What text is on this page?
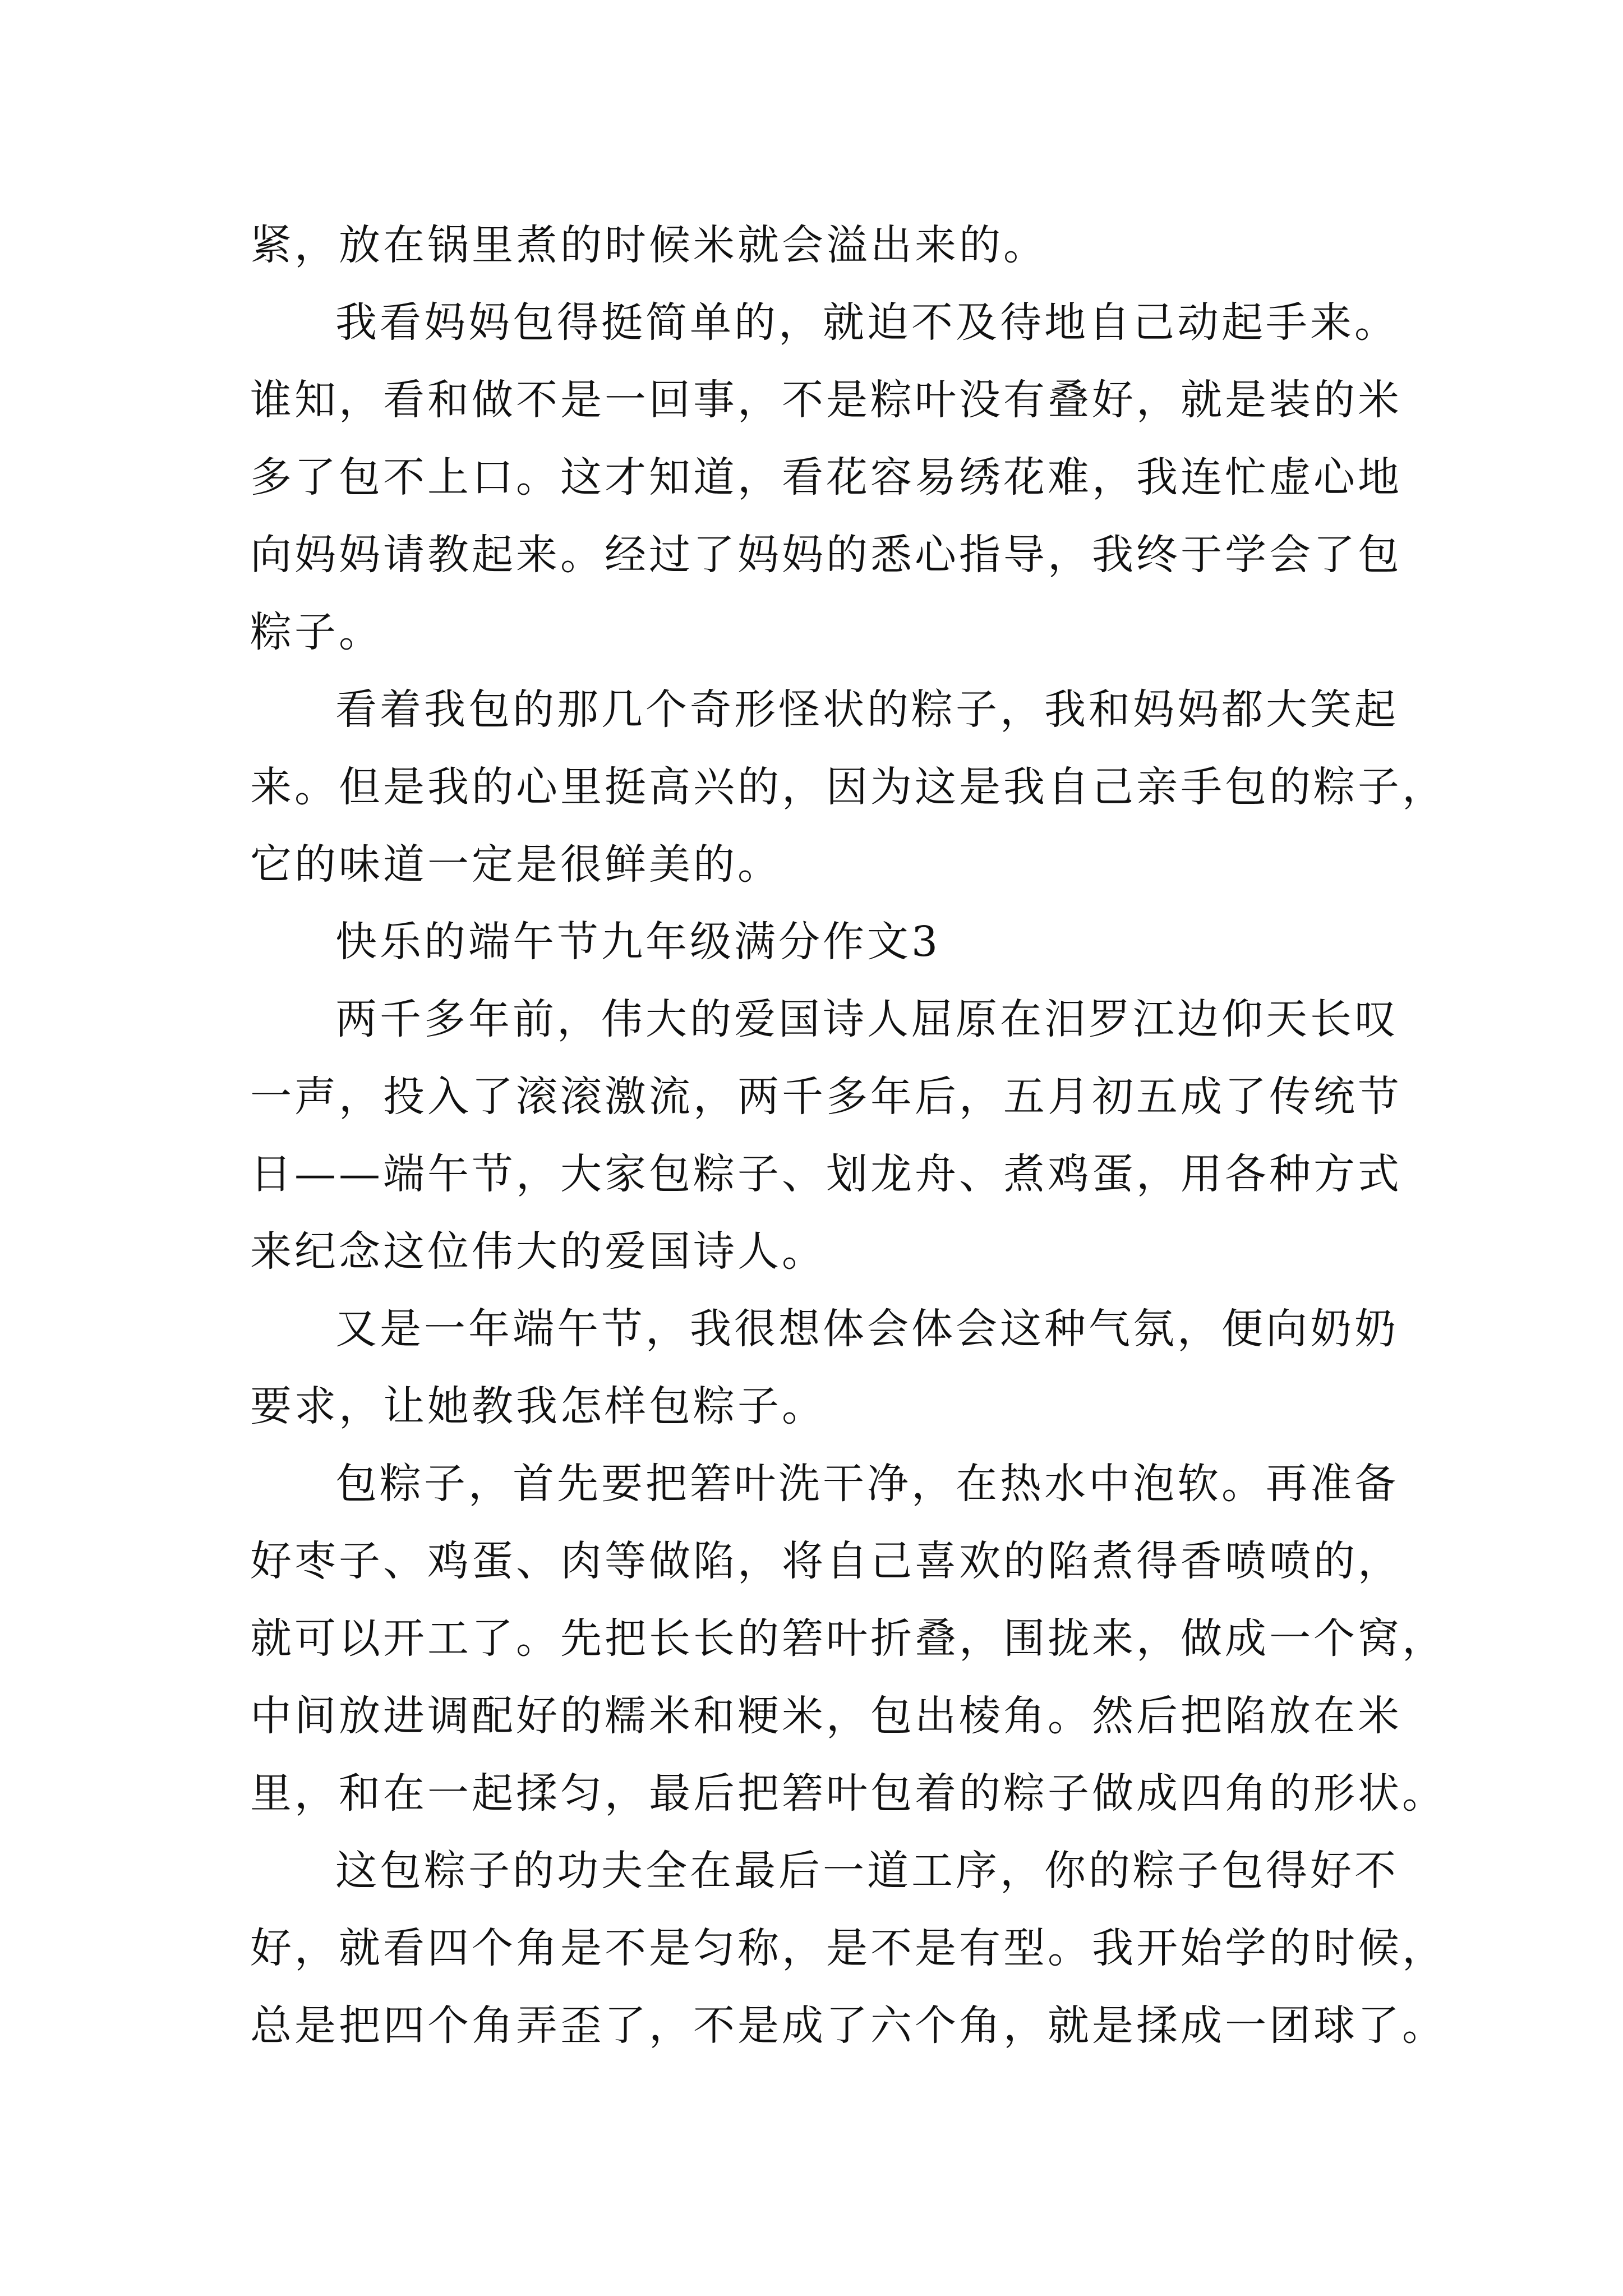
紧，放在锅里煮的时候米就会溢出来的。
我看妈妈包得挺简单的，就迫不及待地自己动起手来。
谁知，看和做不是一回事，不是粽叶没有叠好，就是装的米
多了包不上口。这才知道，看花容易绣花难，我连忙虚心地
向妈妈请教起来。经过了妈妈的悉心指导，我终于学会了包
粽子。
看着我包的那几个奇形怪状的粽子，我和妈妈都大笑起
来。但是我的心里挺高兴的，因为这是我自己亲手包的粽子，
它的味道一定是很鲜美的。
快乐的端午节九年级满分作文3
两千多年前，伟大的爱国诗人屈原在汨罗江边仰天长叹
一声，投入了滚滚激流，两千多年后，五月初五成了传统节
日——端午节，大家包粽子、划龙舟、煮鸡蛋，用各种方式
来纪念这位伟大的爱国诗人。
又是一年端午节，我很想体会体会这种气氛，便向奶奶
要求，让她教我怎样包粽子。
包粽子，首先要把箬叶洗干净，在热水中泡软。再准备
好枣子、鸡蛋、肉等做陷，将自己喜欢的陷煮得香喷喷的，
就可以开工了。先把长长的箬叶折叠，围拢来，做成一个窝，
中间放进调配好的糯米和粳米，包出棱角。然后把陷放在米
里，和在一起揉匀，最后把箬叶包着的粽子做成四角的形状。
这包粽子的功夫全在最后一道工序，你的粽子包得好不
好，就看四个角是不是匀称，是不是有型。我开始学的时候，
总是把四个角弄歪了，不是成了六个角，就是揉成一团球了。
